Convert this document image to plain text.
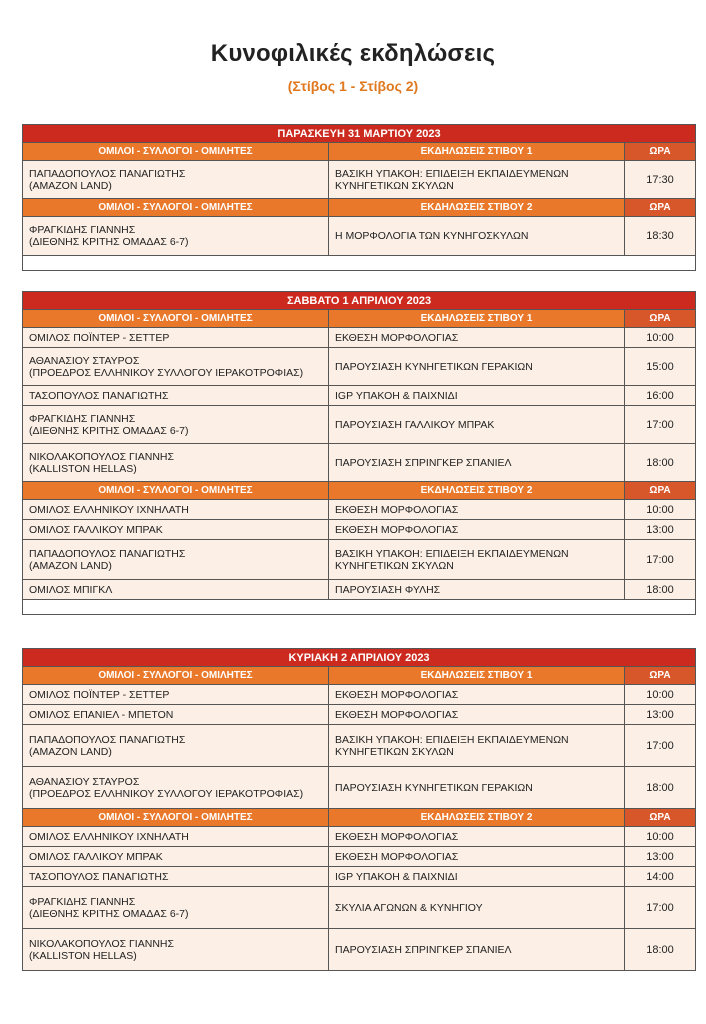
Κυνοφιλικές εκδηλώσεις
(Στίβος 1 - Στίβος 2)
ΠΑΡΑΣΚΕΥΗ 31 ΜΑΡΤΙΟΥ 2023		
ΟΜΙΛΟΙ - ΣΥΛΛΟΓΟΙ - ΟΜΙΛΗΤΕΣ	ΕΚΔΗΛΩΣΕΙΣ ΣΤΙΒΟΥ 1	ΩΡΑ
ΠΑΠΑΔΟΠΟΥΛΟΣ ΠΑΝΑΓΙΩΤΗΣ
(AMAZON LAND)	ΒΑΣΙΚΗ ΥΠΑΚΟΗ: ΕΠΙΔΕΙΞΗ ΕΚΠΑΙΔΕΥΜΕΝΩΝ
ΚΥΝΗΓΕΤΙΚΩΝ ΣΚΥΛΩΝ	17:30
ΟΜΙΛΟΙ - ΣΥΛΛΟΓΟΙ - ΟΜΙΛΗΤΕΣ	ΕΚΔΗΛΩΣΕΙΣ ΣΤΙΒΟΥ 2	ΩΡΑ
ΦΡΑΓΚΙΔΗΣ ΓΙΑΝΝΗΣ
(ΔΙΕΘΝΗΣ ΚΡΙΤΗΣ ΟΜΑΔΑΣ 6-7)	Η ΜΟΡΦΟΛΟΓΙΑ ΤΩΝ ΚΥΝΗΓΟΣΚΥΛΩΝ	18:30

ΣΑΒΒΑΤΟ 1 ΑΠΡΙΛΙΟΥ 2023		
ΟΜΙΛΟΙ - ΣΥΛΛΟΓΟΙ - ΟΜΙΛΗΤΕΣ	ΕΚΔΗΛΩΣΕΙΣ ΣΤΙΒΟΥ 1	ΩΡΑ
ΟΜΙΛΟΣ ΠΟΪΝΤΕΡ - ΣΕΤΤΕΡ	ΕΚΘΕΣΗ ΜΟΡΦΟΛΟΓΙΑΣ	10:00
ΑΘΑΝΑΣΙΟΥ ΣΤΑΥΡΟΣ
(ΠΡΟΕΔΡΟΣ ΕΛΛΗΝΙΚΟΥ ΣΥΛΛΟΓΟΥ ΙΕΡΑΚΟΤΡΟΦΙΑΣ)	ΠΑΡΟΥΣΙΑΣΗ ΚΥΝΗΓΕΤΙΚΩΝ ΓΕΡΑΚΙΩΝ	15:00
ΤΑΣΟΠΟΥΛΟΣ ΠΑΝΑΓΙΩΤΗΣ	IGP ΥΠΑΚΟΗ & ΠΑΙΧΝΙΔΙ	16:00
ΦΡΑΓΚΙΔΗΣ ΓΙΑΝΝΗΣ
(ΔΙΕΘΝΗΣ ΚΡΙΤΗΣ ΟΜΑΔΑΣ 6-7)	ΠΑΡΟΥΣΙΑΣΗ ΓΑΛΛΙΚΟΥ ΜΠΡΑΚ	17:00
ΝΙΚΟΛΑΚΟΠΟΥΛΟΣ ΓΙΑΝΝΗΣ
(KALLISTON HELLAS)	ΠΑΡΟΥΣΙΑΣΗ ΣΠΡΙΝΓΚΕΡ ΣΠΑΝΙΕΛ	18:00
ΟΜΙΛΟΙ - ΣΥΛΛΟΓΟΙ - ΟΜΙΛΗΤΕΣ	ΕΚΔΗΛΩΣΕΙΣ ΣΤΙΒΟΥ 2	ΩΡΑ
ΟΜΙΛΟΣ ΕΛΛΗΝΙΚΟΥ ΙΧΝΗΛΑΤΗ	ΕΚΘΕΣΗ ΜΟΡΦΟΛΟΓΙΑΣ	10:00
ΟΜΙΛΟΣ ΓΑΛΛΙΚΟΥ ΜΠΡΑΚ	ΕΚΘΕΣΗ ΜΟΡΦΟΛΟΓΙΑΣ	13:00
ΠΑΠΑΔΟΠΟΥΛΟΣ ΠΑΝΑΓΙΩΤΗΣ
(AMAZON LAND)	ΒΑΣΙΚΗ ΥΠΑΚΟΗ: ΕΠΙΔΕΙΞΗ ΕΚΠΑΙΔΕΥΜΕΝΩΝ
ΚΥΝΗΓΕΤΙΚΩΝ ΣΚΥΛΩΝ	17:00
ΟΜΙΛΟΣ ΜΠΙΓΚΛ	ΠΑΡΟΥΣΙΑΣΗ ΦΥΛΗΣ	18:00

ΚΥΡΙΑΚΗ 2 ΑΠΡΙΛΙΟΥ 2023		
ΟΜΙΛΟΙ - ΣΥΛΛΟΓΟΙ - ΟΜΙΛΗΤΕΣ	ΕΚΔΗΛΩΣΕΙΣ ΣΤΙΒΟΥ 1	ΩΡΑ
ΟΜΙΛΟΣ ΠΟΪΝΤΕΡ - ΣΕΤΤΕΡ	ΕΚΘΕΣΗ ΜΟΡΦΟΛΟΓΙΑΣ	10:00
ΟΜΙΛΟΣ ΕΠΑΝΙΕΛ - ΜΠΕΤΟΝ	ΕΚΘΕΣΗ ΜΟΡΦΟΛΟΓΙΑΣ	13:00
ΠΑΠΑΔΟΠΟΥΛΟΣ ΠΑΝΑΓΙΩΤΗΣ
(AMAZON LAND)	ΒΑΣΙΚΗ ΥΠΑΚΟΗ: ΕΠΙΔΕΙΞΗ ΕΚΠΑΙΔΕΥΜΕΝΩΝ
ΚΥΝΗΓΕΤΙΚΩΝ ΣΚΥΛΩΝ	17:00
ΑΘΑΝΑΣΙΟΥ ΣΤΑΥΡΟΣ
(ΠΡΟΕΔΡΟΣ ΕΛΛΗΝΙΚΟΥ ΣΥΛΛΟΓΟΥ ΙΕΡΑΚΟΤΡΟΦΙΑΣ)	ΠΑΡΟΥΣΙΑΣΗ ΚΥΝΗΓΕΤΙΚΩΝ ΓΕΡΑΚΙΩΝ	18:00
ΟΜΙΛΟΙ - ΣΥΛΛΟΓΟΙ - ΟΜΙΛΗΤΕΣ	ΕΚΔΗΛΩΣΕΙΣ ΣΤΙΒΟΥ 2	ΩΡΑ
ΟΜΙΛΟΣ ΕΛΛΗΝΙΚΟΥ ΙΧΝΗΛΑΤΗ	ΕΚΘΕΣΗ ΜΟΡΦΟΛΟΓΙΑΣ	10:00
ΟΜΙΛΟΣ ΓΑΛΛΙΚΟΥ ΜΠΡΑΚ	ΕΚΘΕΣΗ ΜΟΡΦΟΛΟΓΙΑΣ	13:00
ΤΑΣΟΠΟΥΛΟΣ ΠΑΝΑΓΙΩΤΗΣ	IGP ΥΠΑΚΟΗ & ΠΑΙΧΝΙΔΙ	14:00
ΦΡΑΓΚΙΔΗΣ ΓΙΑΝΝΗΣ
(ΔΙΕΘΝΗΣ ΚΡΙΤΗΣ ΟΜΑΔΑΣ 6-7)	ΣΚΥΛΙΑ ΑΓΩΝΩΝ & ΚΥΝΗΓΙΟΥ	17:00
ΝΙΚΟΛΑΚΟΠΟΥΛΟΣ ΓΙΑΝΝΗΣ
(KALLISTON HELLAS)	ΠΑΡΟΥΣΙΑΣΗ ΣΠΡΙΝΓΚΕΡ ΣΠΑΝΙΕΛ	18:00
